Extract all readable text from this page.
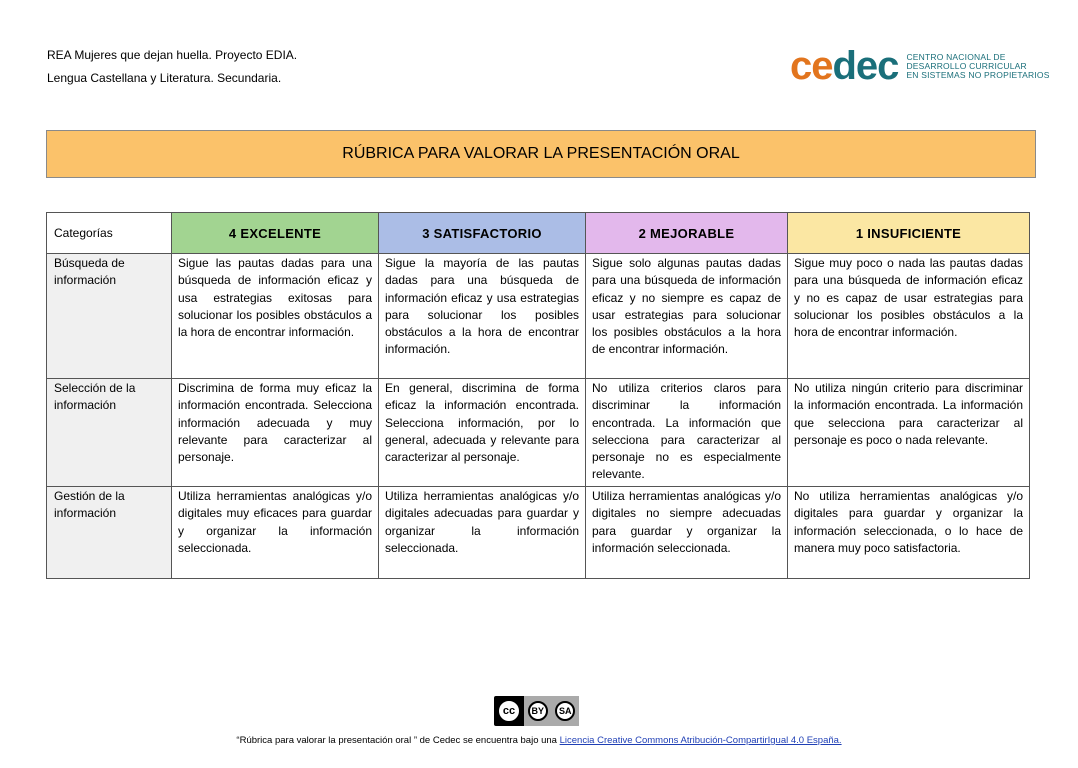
REA Mujeres que dejan huella. Proyecto EDIA.
Lengua Castellana y Literatura. Secundaria.	cedec CENTRO NACIONAL DE
DESARROLLO CURRICULAR
EN SISTEMAS NO PROPIETARIOS
RÚBRICA PARA VALORAR LA PRESENTACIÓN ORAL
Categorías	4 EXCELENTE	3 SATISFACTORIO	2 MEJORABLE	1 INSUFICIENTE
Búsqueda de información	Sigue las pautas dadas para una búsqueda de información eficaz y usa estrategias exitosas para solucionar los posibles obstáculos a la hora de encontrar información.	Sigue la mayoría de las pautas dadas para una búsqueda de información eficaz y usa estrategias para solucionar los posibles obstáculos a la hora de encontrar información.	Sigue solo algunas pautas dadas para una búsqueda de información eficaz y no siempre es capaz de usar estrategias para solucionar los posibles obstáculos a la hora de encontrar información.	Sigue muy poco o nada las pautas dadas para una búsqueda de información eficaz y no es capaz de usar estrategias para solucionar los posibles obstáculos a la hora de encontrar información.
Selección de la información	Discrimina de forma muy eficaz la información encontrada. Selecciona información adecuada y muy relevante para caracterizar al personaje.	En general, discrimina de forma eficaz la información encontrada. Selecciona información, por lo general, adecuada y relevante para caracterizar al personaje.	No utiliza criterios claros para discriminar la información encontrada. La información que selecciona para caracterizar al personaje no es especialmente relevante.	No utiliza ningún criterio para discriminar la información encontrada. La información que selecciona para caracterizar al personaje es poco o nada relevante.
Gestión de la información	Utiliza herramientas analógicas y/o digitales muy eficaces para guardar y organizar la información seleccionada.	Utiliza herramientas analógicas y/o digitales adecuadas para guardar y organizar la información seleccionada.	Utiliza herramientas analógicas y/o digitales no siempre adecuadas para guardar y organizar la información seleccionada.	No utiliza herramientas analógicas y/o digitales para guardar y organizar la información seleccionada, o lo hace de manera muy poco satisfactoria.
cc	BY	SA
“Rúbrica para valorar la presentación oral ” de Cedec se encuentra bajo una Licencia Creative Commons Atribución-CompartirIgual 4.0 España.
